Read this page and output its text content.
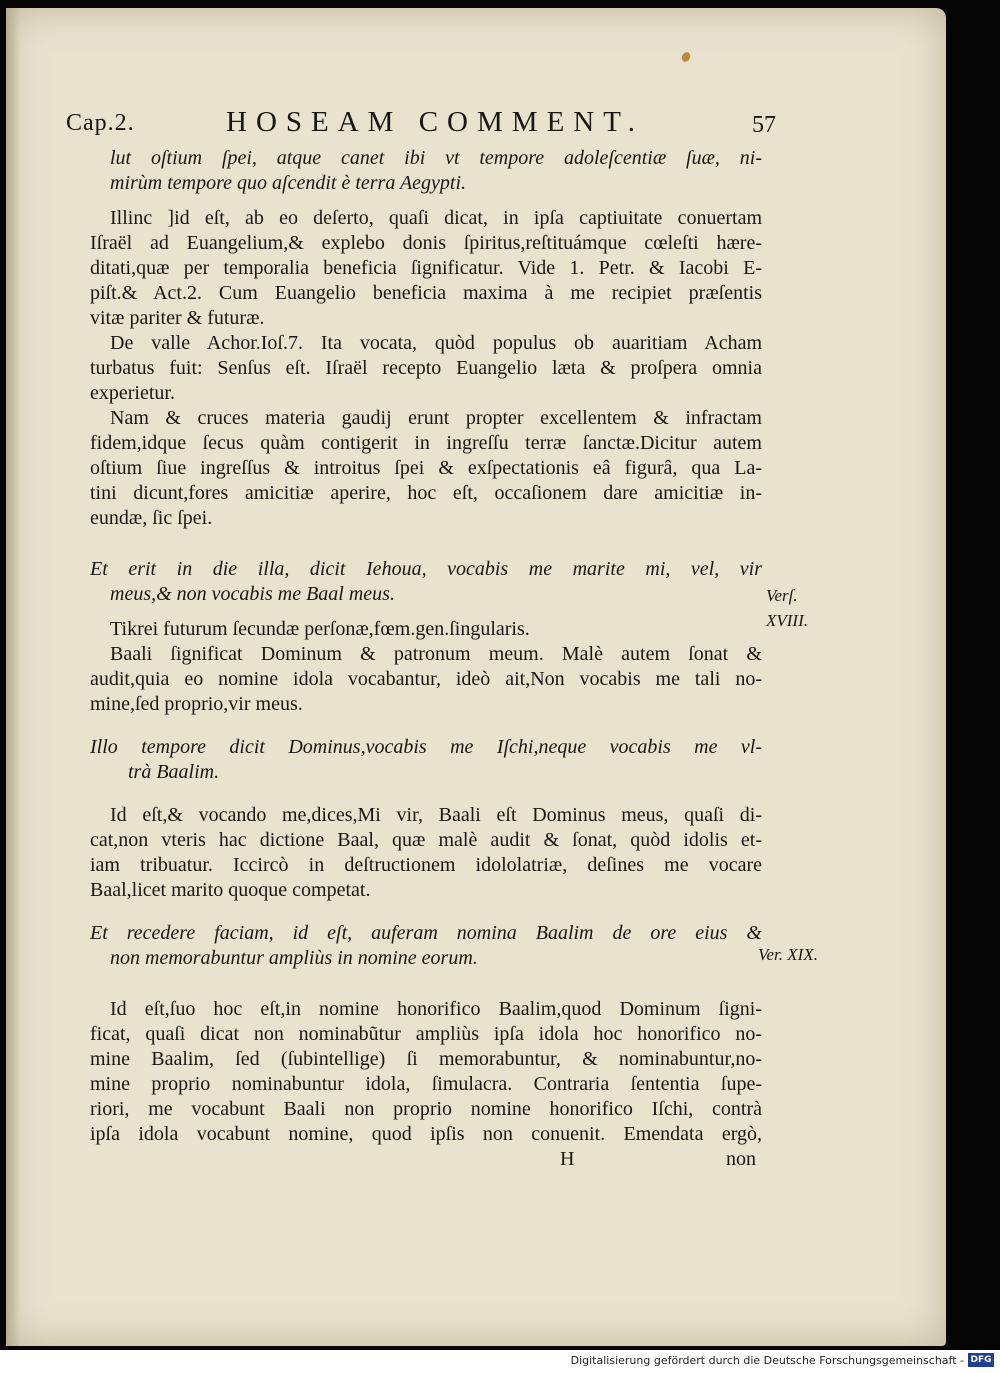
Cap.2.	HOSEAM COMMENT.	57
lut oſtium ſpei, atque canet ibi vt tempore adoleſcentiæ ſuæ, ni-
mirùm tempore quo aſcendit è terra Aegypti.
Illinc ]id eſt, ab eo deſerto, quaſi dicat, in ipſa captiuitate conuertam
Iſraël ad Euangelium,& explebo donis ſpiritus,reſtituámque cœleſti hære-
ditati,quæ per temporalia beneficia ſignificatur. Vide 1. Petr. & Iacobi E-
piſt.& Act.2. Cum Euangelio beneficia maxima à me recipiet præſentis
vitæ pariter & futuræ.
De valle Achor.Ioſ.7. Ita vocata, quòd populus ob auaritiam Acham
turbatus fuit: Senſus eſt. Iſraël recepto Euangelio læta & proſpera omnia
experietur.
Nam & cruces materia gaudij erunt propter excellentem & infractam
fidem,idque ſecus quàm contigerit in ingreſſu terræ ſanctæ.Dicitur autem
oſtium ſiue ingreſſus & introitus ſpei & exſpectationis eâ figurâ, qua La-
tini dicunt,fores amicitiæ aperire, hoc eſt, occaſionem dare amicitiæ in-
eundæ, ſic ſpei.
Et erit in die illa, dicit Iehoua, vocabis me marite mi, vel, vir
meus,& non vocabis me Baal meus.
Tikrei futurum ſecundæ perſonæ,fœm.gen.ſingularis.
Baali ſignificat Dominum & patronum meum. Malè autem ſonat &
audit,quia eo nomine idola vocabantur, ideò ait,Non vocabis me tali no-
mine,ſed proprio,vir meus.
Illo tempore dicit Dominus,vocabis me Iſchi,neque vocabis me vl-
trà Baalim.
Id eſt,& vocando me,dices,Mi vir, Baali eſt Dominus meus, quaſi di-
cat,non vteris hac dictione Baal, quæ malè audit & ſonat, quòd idolis et-
iam tribuatur. Iccircò in deſtructionem idololatriæ, deſines me vocare
Baal,licet marito quoque competat.
Et recedere faciam, id eſt, auferam nomina Baalim de ore eius &
non memorabuntur ampliùs in nomine eorum.
Id eſt,ſuo hoc eſt,in nomine honorifico Baalim,quod Dominum ſigni-
ficat, quaſi dicat non nominabũtur ampliùs ipſa idola hoc honorifico no-
mine Baalim, ſed (ſubintellige) ſi memorabuntur, & nominabuntur,no-
mine proprio nominabuntur idola, ſimulacra. Contraria ſententia ſupe-
riori, me vocabunt Baali non proprio nomine honorifico Iſchi, contrà
ipſa idola vocabunt nomine, quod ipſis non conuenit. Emendata ergò,
H	non
Verſ.
XVIII.
Ver. XIX.
Digitalisierung gefördert durch die Deutsche Forschungsgemeinschaft - DFG
